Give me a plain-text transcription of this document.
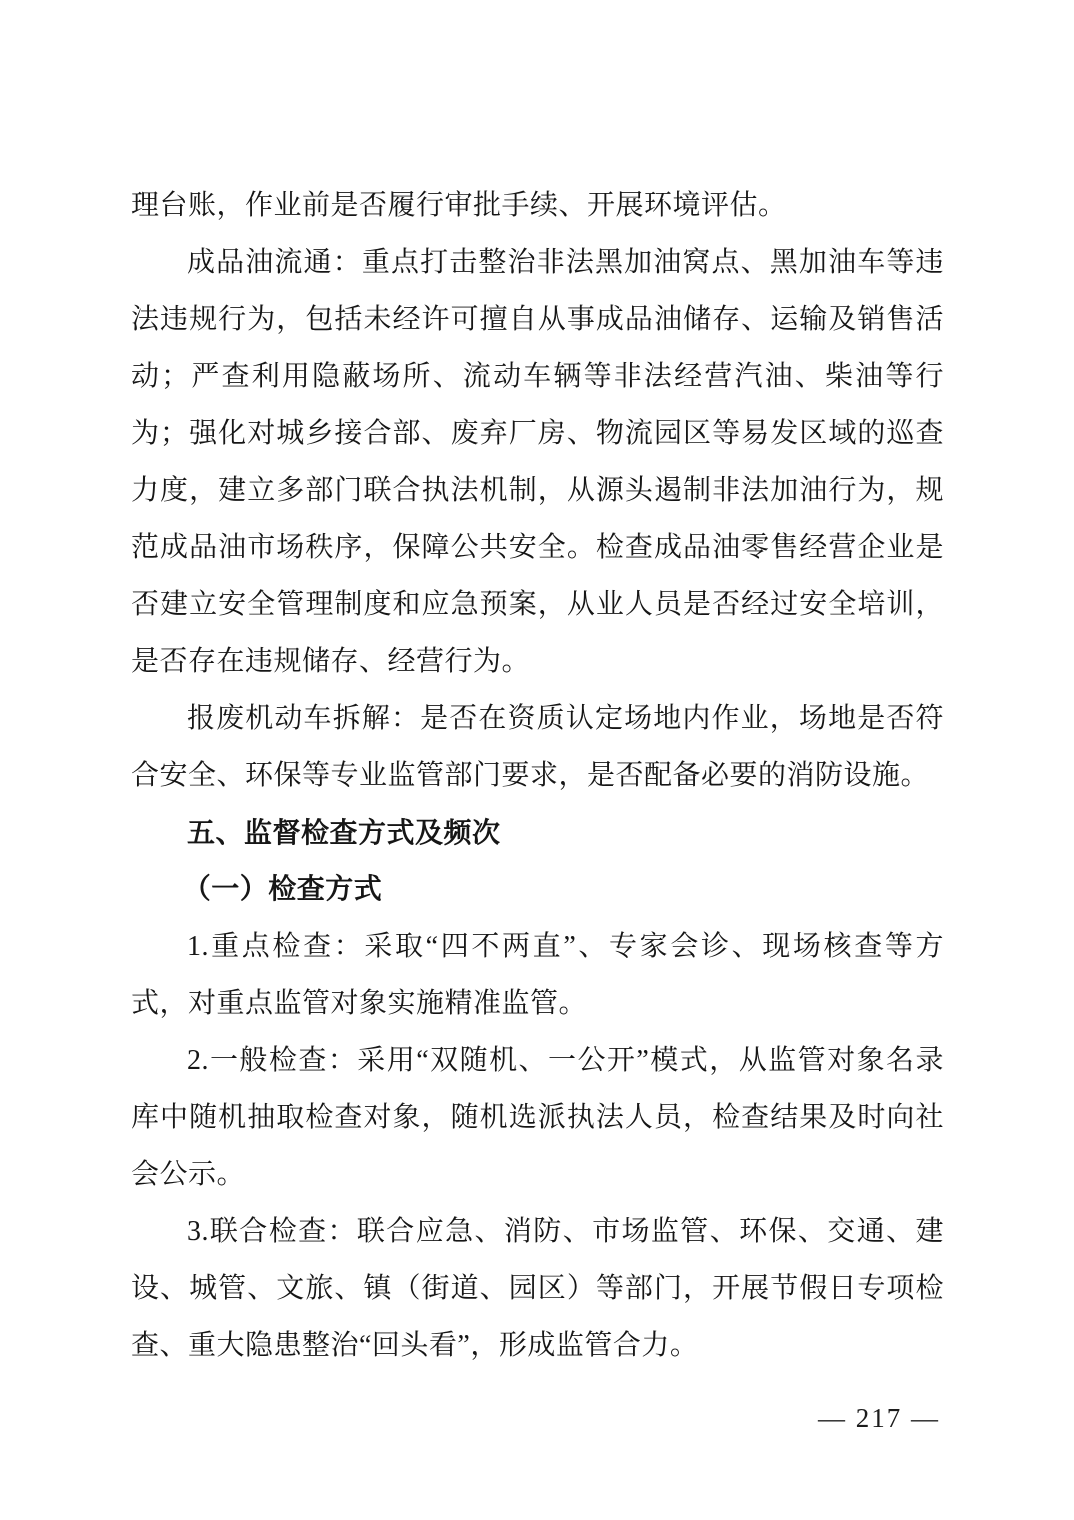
理台账，作业前是否履行审批手续、开展环境评估。

成品油流通：重点打击整治非法黑加油窝点、黑加油车等违法违规行为，包括未经许可擅自从事成品油储存、运输及销售活动；严查利用隐蔽场所、流动车辆等非法经营汽油、柴油等行为；强化对城乡接合部、废弃厂房、物流园区等易发区域的巡查力度，建立多部门联合执法机制，从源头遏制非法加油行为，规范成品油市场秩序，保障公共安全。检查成品油零售经营企业是否建立安全管理制度和应急预案，从业人员是否经过安全培训，是否存在违规储存、经营行为。

报废机动车拆解：是否在资质认定场地内作业，场地是否符合安全、环保等专业监管部门要求，是否配备必要的消防设施。

五、监督检查方式及频次

（一）检查方式

1.重点检查：采取“四不两直”、专家会诊、现场核查等方式，对重点监管对象实施精准监管。

2.一般检查：采用“双随机、一公开”模式，从监管对象名录库中随机抽取检查对象，随机选派执法人员，检查结果及时向社会公示。

3.联合检查：联合应急、消防、市场监管、环保、交通、建设、城管、文旅、镇（街道、园区）等部门，开展节假日专项检查、重大隐患整治“回头看”，形成监管合力。

— 217 —
